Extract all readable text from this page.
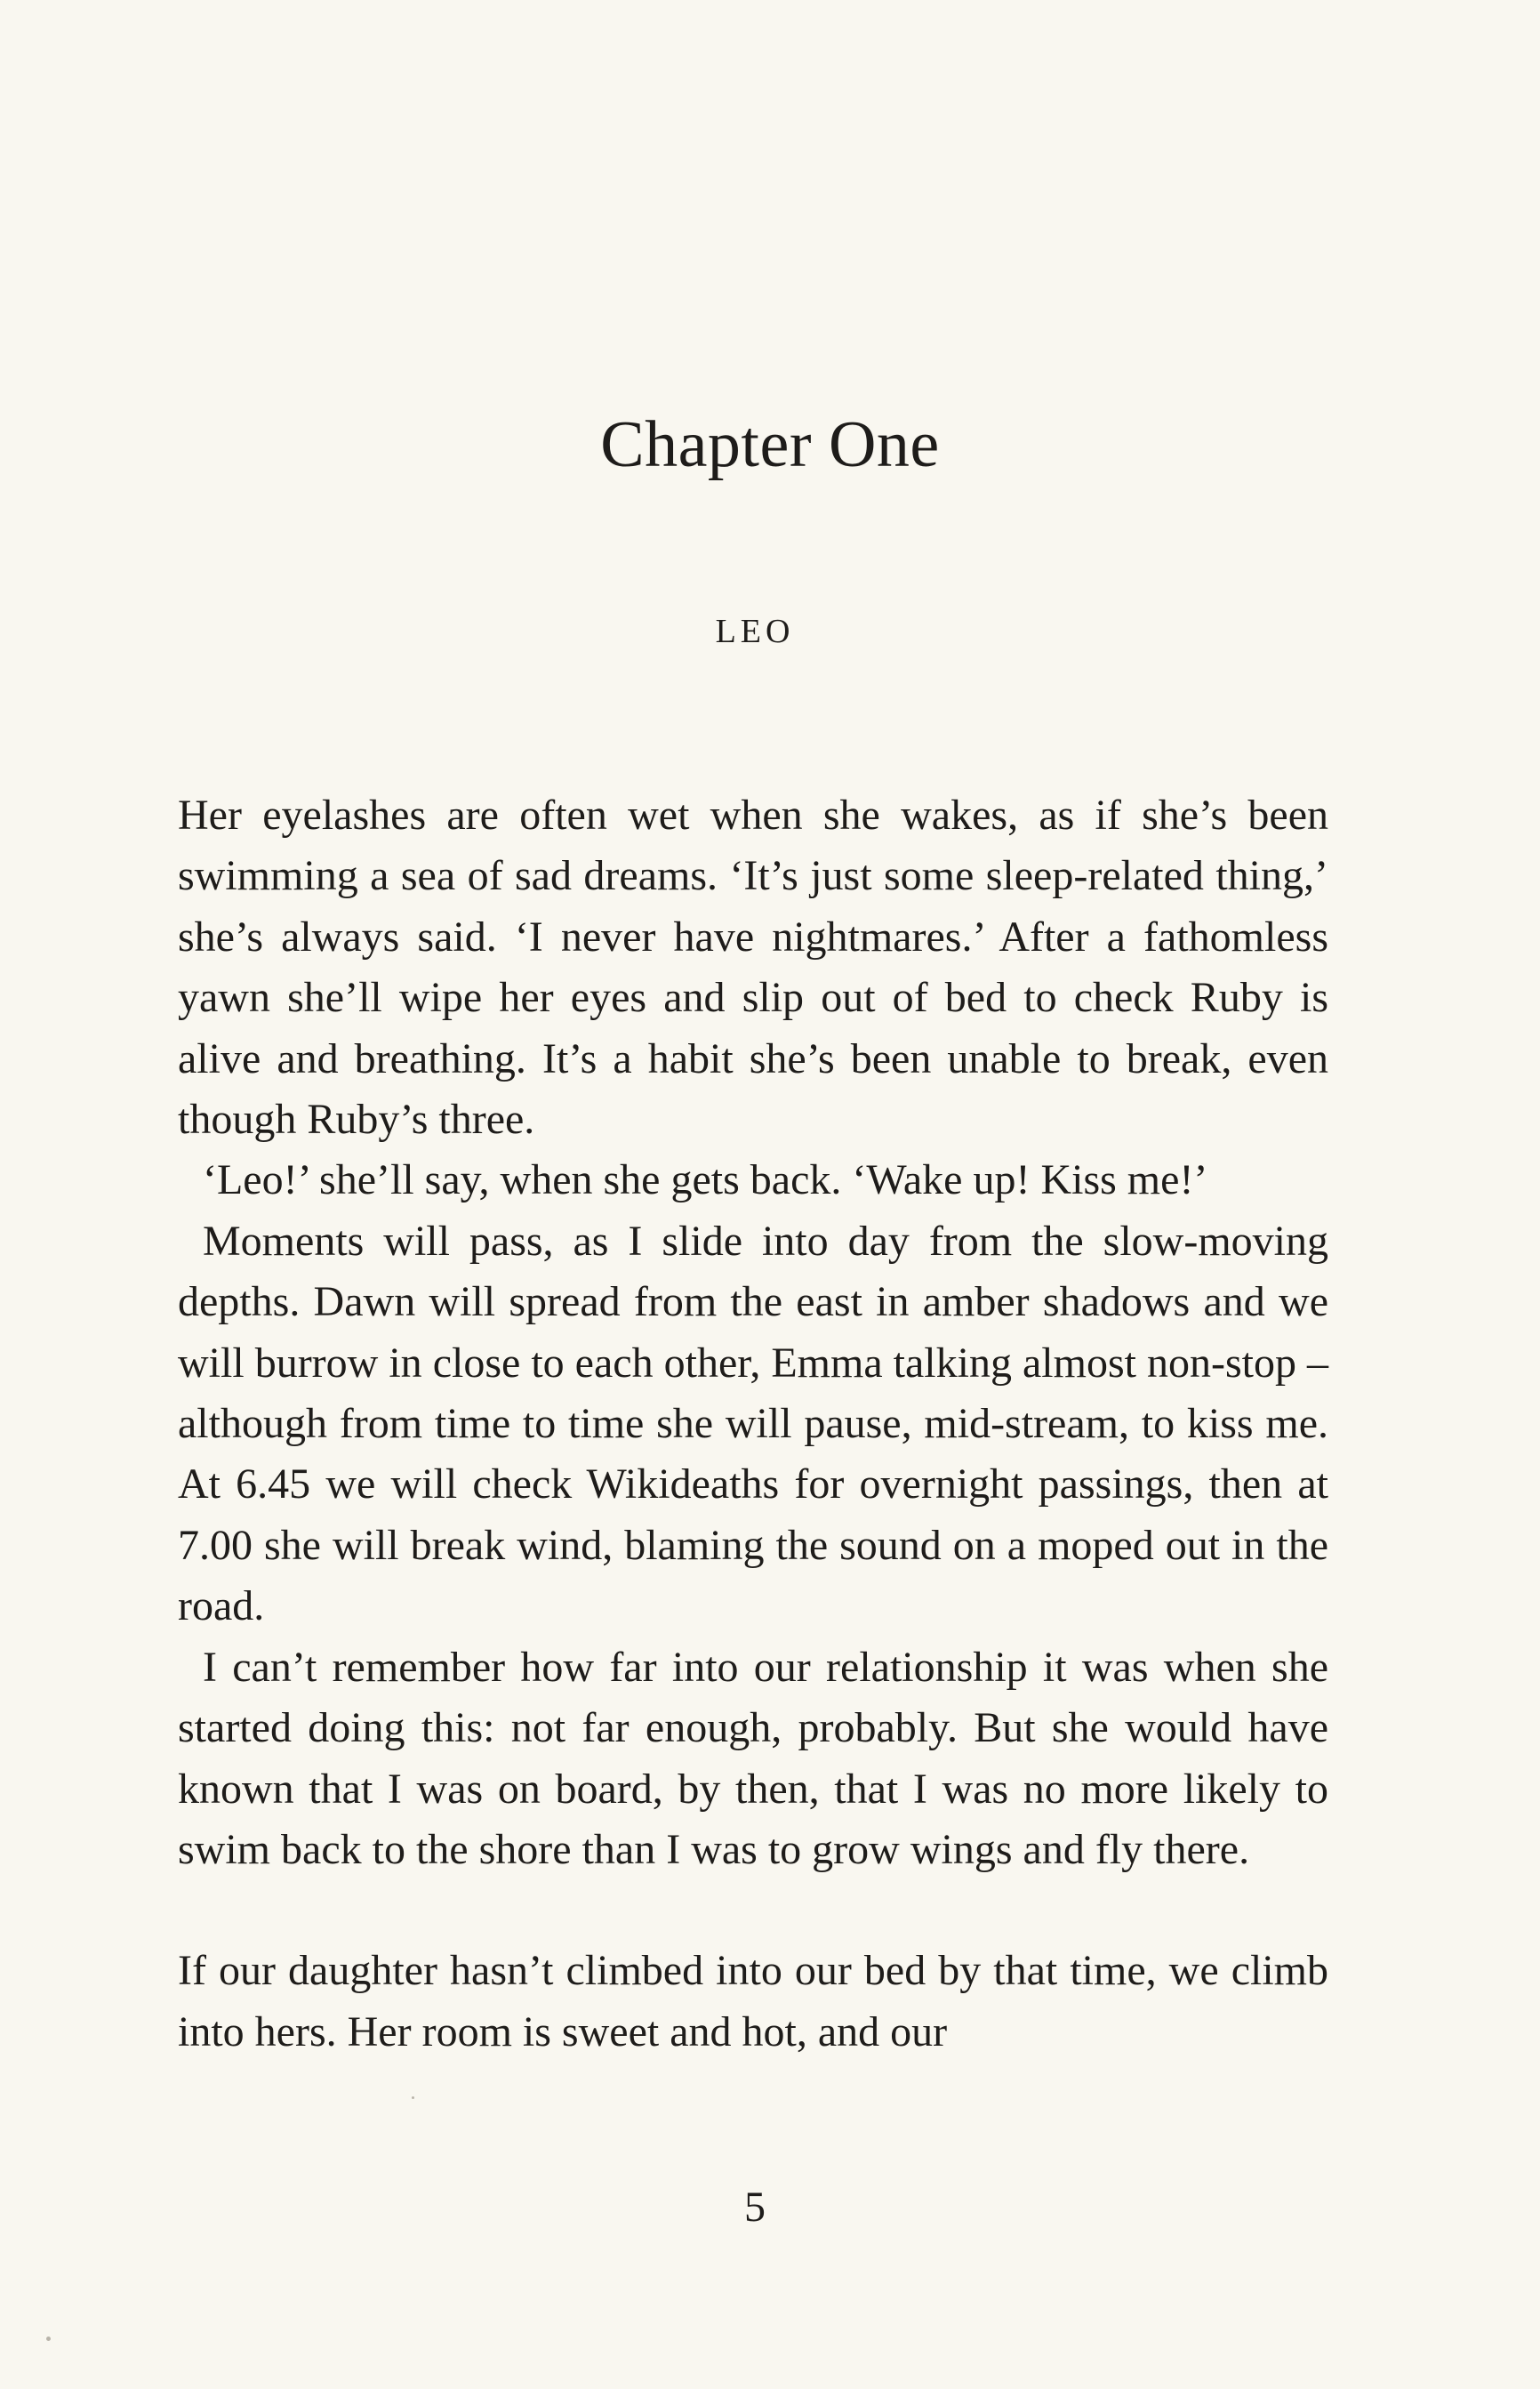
Chapter One
LEO

Her eyelashes are often wet when she wakes, as if she’s been swimming a sea of sad dreams. ‘It’s just some sleep-related thing,’ she’s always said. ‘I never have nightmares.’ After a fathomless yawn she’ll wipe her eyes and slip out of bed to check Ruby is alive and breathing. It’s a habit she’s been unable to break, even though Ruby’s three.

‘Leo!’ she’ll say, when she gets back. ‘Wake up! Kiss me!’

Moments will pass, as I slide into day from the slow-moving depths. Dawn will spread from the east in amber shadows and we will burrow in close to each other, Emma talking almost non-stop – although from time to time she will pause, mid-stream, to kiss me. At 6.45 we will check Wikideaths for overnight passings, then at 7.00 she will break wind, blaming the sound on a moped out in the road.

I can’t remember how far into our relationship it was when she started doing this: not far enough, probably. But she would have known that I was on board, by then, that I was no more likely to swim back to the shore than I was to grow wings and fly there.

If our daughter hasn’t climbed into our bed by that time, we climb into hers. Her room is sweet and hot, and our

5
